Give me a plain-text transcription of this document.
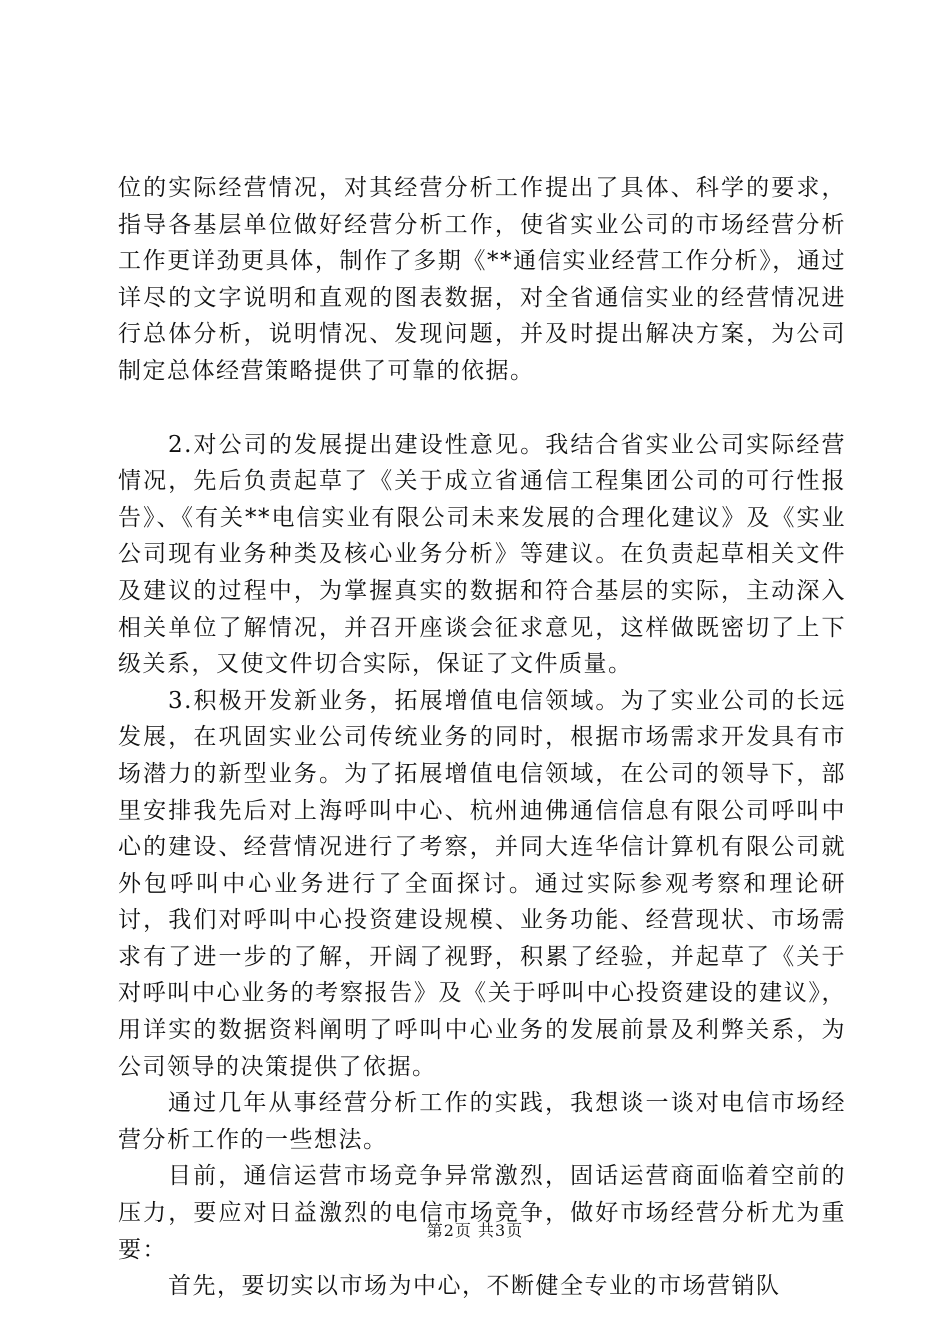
位的实际经营情况，对其经营分析工作提出了具体、科学的要求，指导各基层单位做好经营分析工作，使省实业公司的市场经营分析工作更详劲更具体，制作了多期《**通信实业经营工作分析》，通过详尽的文字说明和直观的图表数据，对全省通信实业的经营情况进行总体分析，说明情况、发现问题，并及时提出解决方案，为公司制定总体经营策略提供了可靠的依据。

2.对公司的发展提出建设性意见。我结合省实业公司实际经营情况，先后负责起草了《关于成立省通信工程集团公司的可行性报告》、《有关**电信实业有限公司未来发展的合理化建议》及《实业公司现有业务种类及核心业务分析》等建议。在负责起草相关文件及建议的过程中，为掌握真实的数据和符合基层的实际，主动深入相关单位了解情况，并召开座谈会征求意见，这样做既密切了上下级关系，又使文件切合实际，保证了文件质量。

3.积极开发新业务，拓展增值电信领域。为了实业公司的长远发展，在巩固实业公司传统业务的同时，根据市场需求开发具有市场潜力的新型业务。为了拓展增值电信领域，在公司的领导下，部里安排我先后对上海呼叫中心、杭州迪佛通信信息有限公司呼叫中心的建设、经营情况进行了考察，并同大连华信计算机有限公司就外包呼叫中心业务进行了全面探讨。通过实际参观考察和理论研讨，我们对呼叫中心投资建设规模、业务功能、经营现状、市场需求有了进一步的了解，开阔了视野，积累了经验，并起草了《关于对呼叫中心业务的考察报告》及《关于呼叫中心投资建设的建议》，用详实的数据资料阐明了呼叫中心业务的发展前景及利弊关系，为公司领导的决策提供了依据。

通过几年从事经营分析工作的实践，我想谈一谈对电信市场经营分析工作的一些想法。

目前，通信运营市场竞争异常激烈，固话运营商面临着空前的压力，要应对日益激烈的电信市场竞争，做好市场经营分析尤为重要：

首先，要切实以市场为中心，不断健全专业的市场营销队

第2页 共3页
